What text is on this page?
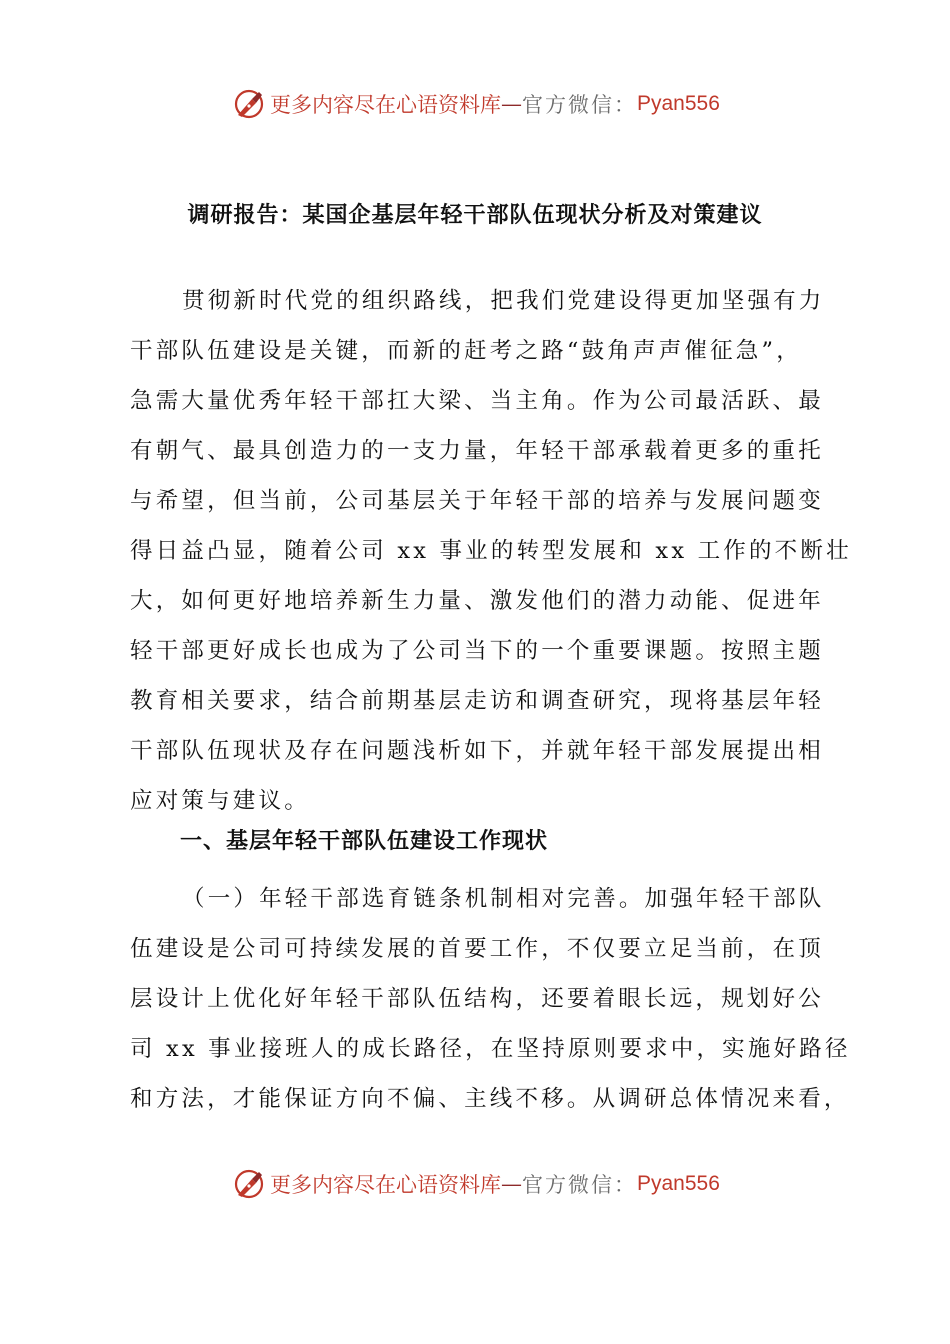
更多内容尽在心语资料库 — 官方微信： Pyan556
调研报告：某国企基层年轻干部队伍现状分析及对策建议
贯彻新时代党的组织路线，把我们党建设得更加坚强有力
干部队伍建设是关键，而新的赶考之路“鼓角声声催征急”，
急需大量优秀年轻干部扛大梁、当主角。作为公司最活跃、最
有朝气、最具创造力的一支力量，年轻干部承载着更多的重托
与希望，但当前，公司基层关于年轻干部的培养与发展问题变
得日益凸显，随着公司 xx 事业的转型发展和 xx 工作的不断壮
大，如何更好地培养新生力量、激发他们的潜力动能、促进年
轻干部更好成长也成为了公司当下的一个重要课题。按照主题
教育相关要求，结合前期基层走访和调查研究，现将基层年轻
干部队伍现状及存在问题浅析如下，并就年轻干部发展提出相
应对策与建议。
一、基层年轻干部队伍建设工作现状
（一）年轻干部选育链条机制相对完善。加强年轻干部队
伍建设是公司可持续发展的首要工作，不仅要立足当前，在顶
层设计上优化好年轻干部队伍结构，还要着眼长远，规划好公
司 xx 事业接班人的成长路径，在坚持原则要求中，实施好路径
和方法，才能保证方向不偏、主线不移。从调研总体情况来看，
更多内容尽在心语资料库 — 官方微信： Pyan556
